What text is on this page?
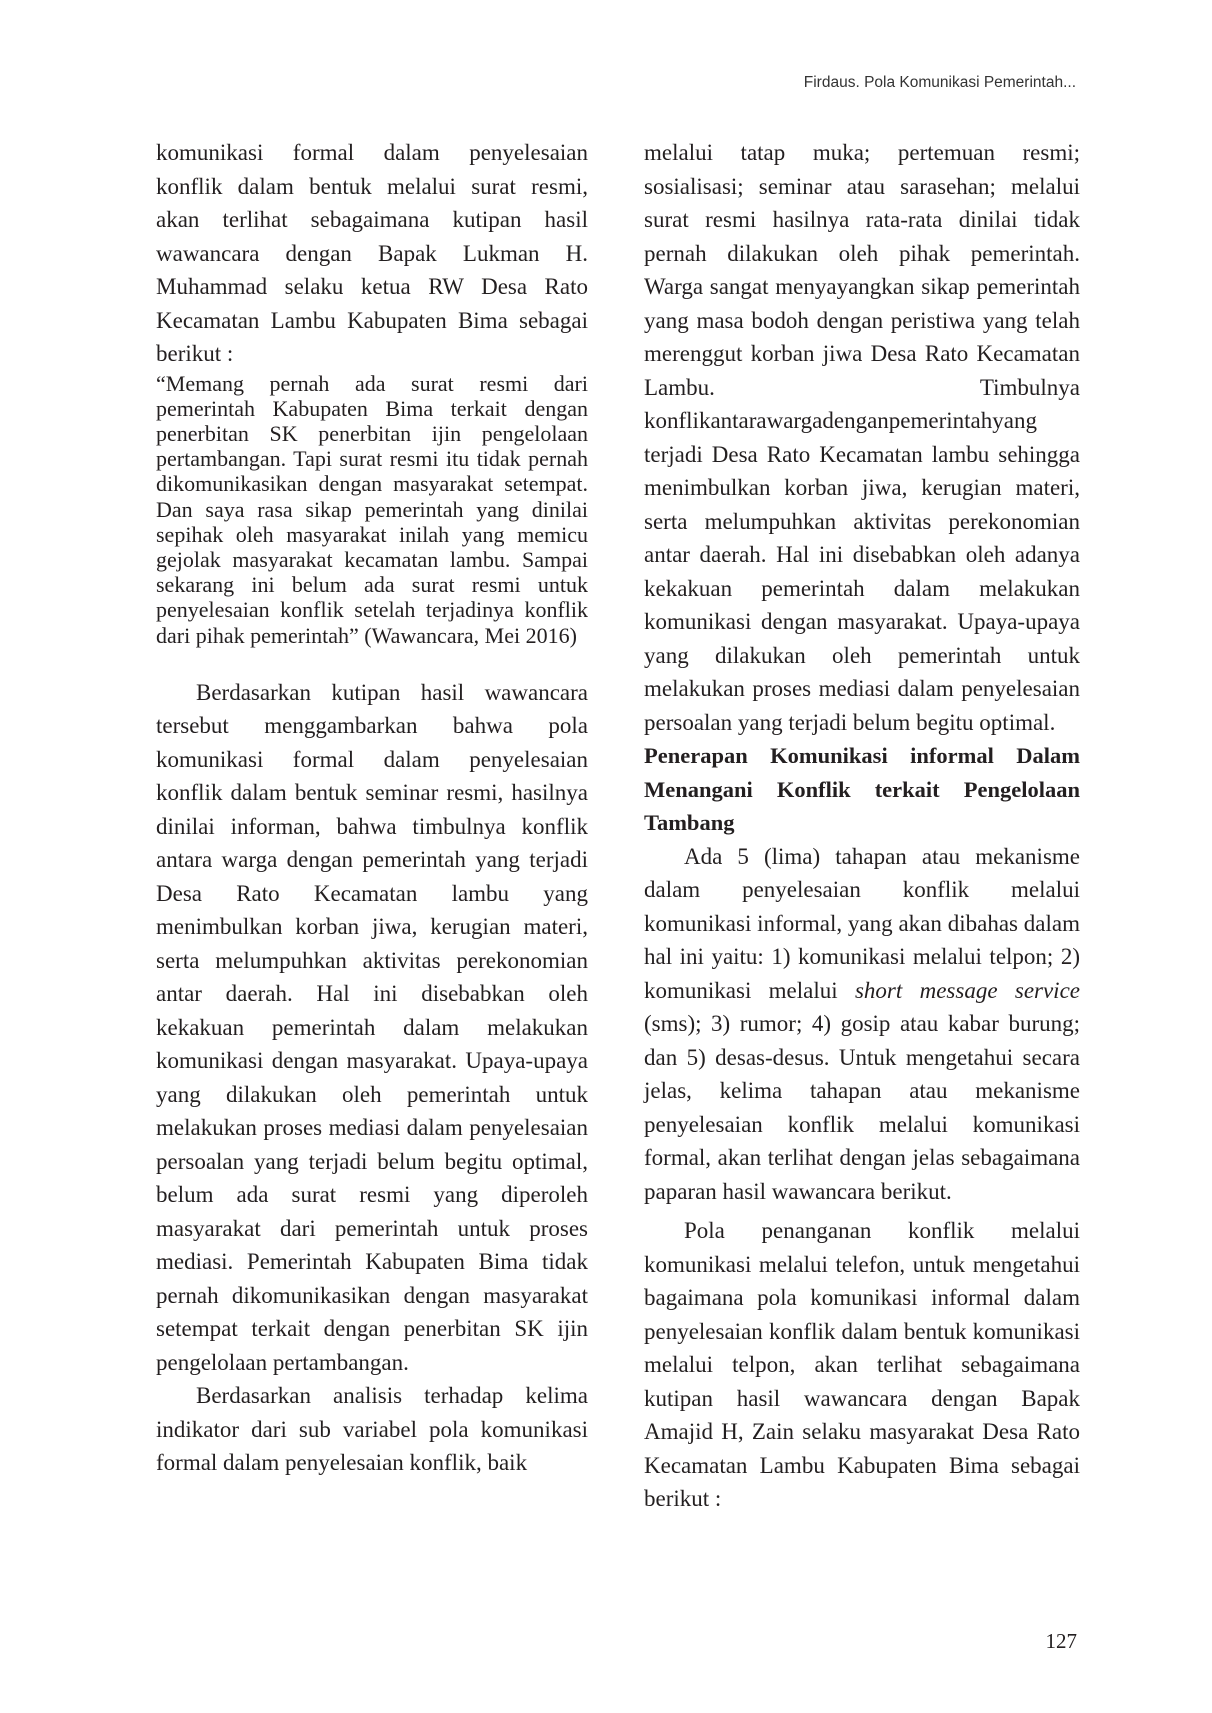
Firdaus. Pola Komunikasi Pemerintah...

komunikasi formal dalam penyelesaian konflik dalam bentuk melalui surat resmi, akan terlihat sebagaimana kutipan hasil wawancara dengan Bapak Lukman H. Muhammad selaku ketua RW Desa Rato Kecamatan Lambu Kabupaten Bima sebagai berikut :

“Memang pernah ada surat resmi dari pemerintah Kabupaten Bima terkait dengan penerbitan SK penerbitan ijin pengelolaan pertambangan. Tapi surat resmi itu tidak pernah dikomunikasikan dengan masyarakat setempat. Dan saya rasa sikap pemerintah yang dinilai sepihak oleh masyarakat inilah yang memicu gejolak masyarakat kecamatan lambu. Sampai sekarang ini belum ada surat resmi untuk penyelesaian konflik setelah terjadinya konflik dari pihak pemerintah” (Wawancara, Mei 2016)

Berdasarkan kutipan hasil wawancara tersebut menggambarkan bahwa pola komunikasi formal dalam penyelesaian konflik dalam bentuk seminar resmi, hasilnya dinilai informan, bahwa timbulnya konflik antara warga dengan pemerintah yang terjadi Desa Rato Kecamatan lambu yang menimbulkan korban jiwa, kerugian materi, serta melumpuhkan aktivitas perekonomian antar daerah. Hal ini disebabkan oleh kekakuan pemerintah dalam melakukan komunikasi dengan masyarakat. Upaya-upaya yang dilakukan oleh pemerintah untuk melakukan proses mediasi dalam penyelesaian persoalan yang terjadi belum begitu optimal, belum ada surat resmi yang diperoleh masyarakat dari pemerintah untuk proses mediasi. Pemerintah Kabupaten Bima tidak pernah dikomunikasikan dengan masyarakat setempat terkait dengan penerbitan SK ijin pengelolaan pertambangan.

Berdasarkan analisis terhadap kelima indikator dari sub variabel pola komunikasi formal dalam penyelesaian konflik, baik

melalui tatap muka; pertemuan resmi; sosialisasi; seminar atau sarasehan; melalui surat resmi hasilnya rata-rata dinilai tidak pernah dilakukan oleh pihak pemerintah. Warga sangat menyayangkan sikap pemerintah yang masa bodoh dengan peristiwa yang telah merenggut korban jiwa Desa Rato Kecamatan Lambu. Timbulnya konflikantarawargadenganpemerintahyang terjadi Desa Rato Kecamatan lambu sehingga menimbulkan korban jiwa, kerugian materi, serta melumpuhkan aktivitas perekonomian antar daerah. Hal ini disebabkan oleh adanya kekakuan pemerintah dalam melakukan komunikasi dengan masyarakat. Upaya-upaya yang dilakukan oleh pemerintah untuk melakukan proses mediasi dalam penyelesaian persoalan yang terjadi belum begitu optimal.

Penerapan Komunikasi informal Dalam Menangani Konflik terkait Pengelolaan Tambang

Ada 5 (lima) tahapan atau mekanisme dalam penyelesaian konflik melalui komunikasi informal, yang akan dibahas dalam hal ini yaitu: 1) komunikasi melalui telpon; 2) komunikasi melalui short message service (sms); 3) rumor; 4) gosip atau kabar burung; dan 5) desas-desus. Untuk mengetahui secara jelas, kelima tahapan atau mekanisme penyelesaian konflik melalui komunikasi formal, akan terlihat dengan jelas sebagaimana paparan hasil wawancara berikut.

Pola penanganan konflik melalui komunikasi melalui telefon, untuk mengetahui bagaimana pola komunikasi informal dalam penyelesaian konflik dalam bentuk komunikasi melalui telpon, akan terlihat sebagaimana kutipan hasil wawancara dengan Bapak Amajid H, Zain selaku masyarakat Desa Rato Kecamatan Lambu Kabupaten Bima sebagai berikut :

127
